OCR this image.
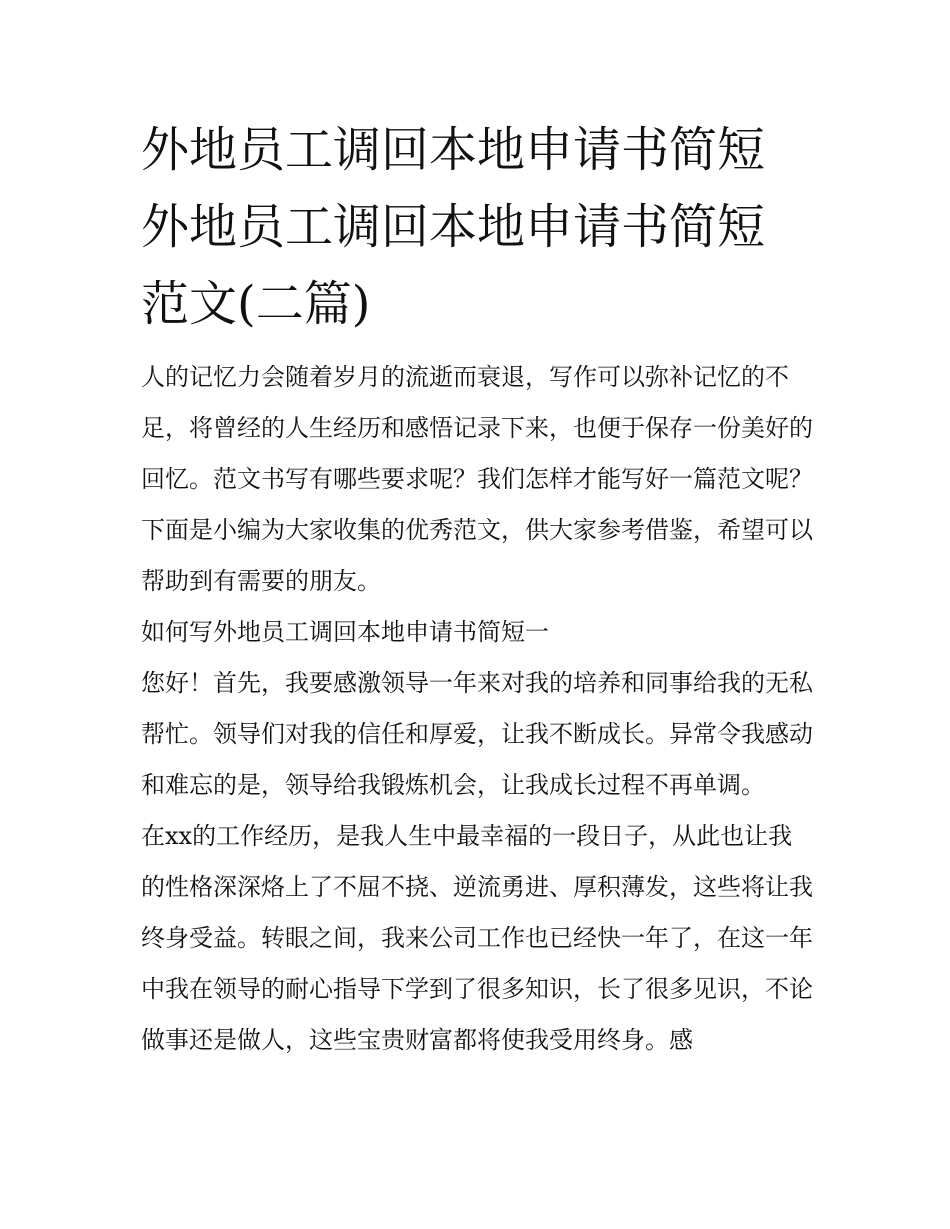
外地员工调回本地申请书简短
外地员工调回本地申请书简短
范文(二篇)

人的记忆力会随着岁月的流逝而衰退，写作可以弥补记忆的不足，将曾经的人生经历和感悟记录下来，也便于保存一份美好的回忆。范文书写有哪些要求呢？我们怎样才能写好一篇范文呢？下面是小编为大家收集的优秀范文，供大家参考借鉴，希望可以帮助到有需要的朋友。

如何写外地员工调回本地申请书简短一

您好！首先，我要感激领导一年来对我的培养和同事给我的无私帮忙。领导们对我的信任和厚爱，让我不断成长。异常令我感动和难忘的是，领导给我锻炼机会，让我成长过程不再单调。

在xx的工作经历，是我人生中最幸福的一段日子，从此也让我的性格深深烙上了不屈不挠、逆流勇进、厚积薄发，这些将让我终身受益。转眼之间，我来公司工作也已经快一年了，在这一年中我在领导的耐心指导下学到了很多知识，长了很多见识，不论做事还是做人，这些宝贵财富都将使我受用终身。感
